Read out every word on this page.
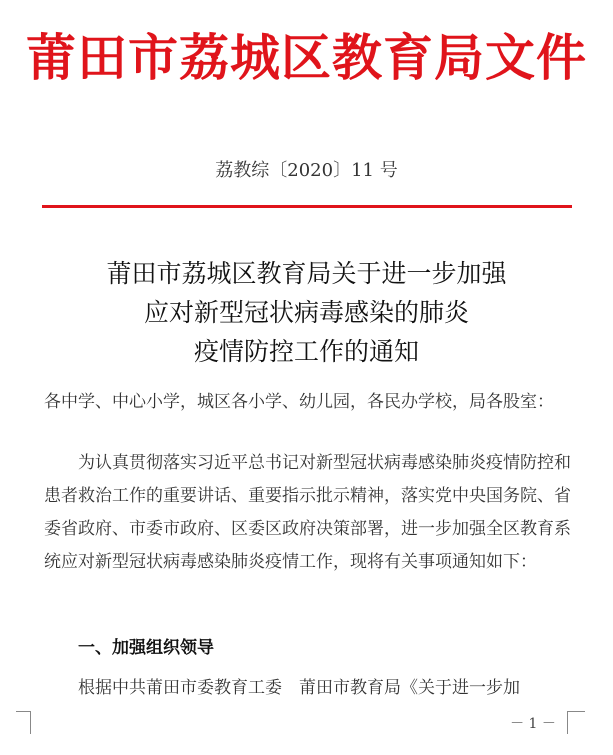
莆田市荔城区教育局文件
荔教综〔2020〕11 号
莆田市荔城区教育局关于进一步加强
应对新型冠状病毒感染的肺炎
疫情防控工作的通知
各中学、中心小学，城区各小学、幼儿园，各民办学校，局各股室：
为认真贯彻落实习近平总书记对新型冠状病毒感染肺炎疫情防控和患者救治工作的重要讲话、重要指示批示精神，落实党中央国务院、省委省政府、市委市政府、区委区政府决策部署，进一步加强全区教育系统应对新型冠状病毒感染肺炎疫情工作，现将有关事项通知如下：
一、加强组织领导
根据中共莆田市委教育工委　莆田市教育局《关于进一步加
－ 1 －
